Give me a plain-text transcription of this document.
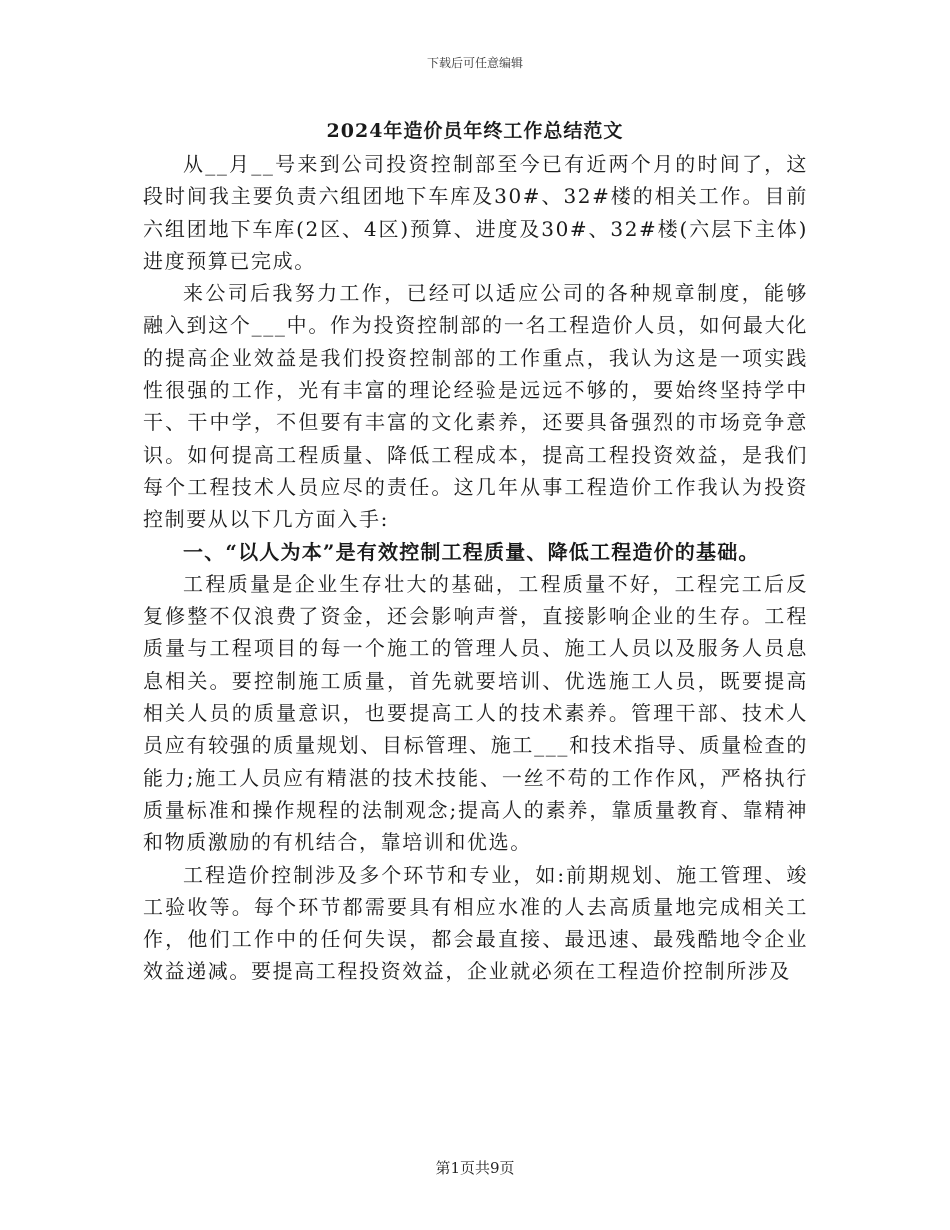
下载后可任意编辑
2024年造价员年终工作总结范文

从__月__号来到公司投资控制部至今已有近两个月的时间了，这段时间我主要负责六组团地下车库及30#、32#楼的相关工作。目前六组团地下车库(2区、4区)预算、进度及30#、32#楼(六层下主体)进度预算已完成。

来公司后我努力工作，已经可以适应公司的各种规章制度，能够融入到这个___中。作为投资控制部的一名工程造价人员，如何最大化的提高企业效益是我们投资控制部的工作重点，我认为这是一项实践性很强的工作，光有丰富的理论经验是远远不够的，要始终坚持学中干、干中学，不但要有丰富的文化素养，还要具备强烈的市场竞争意识。如何提高工程质量、降低工程成本，提高工程投资效益，是我们每个工程技术人员应尽的责任。这几年从事工程造价工作我认为投资控制要从以下几方面入手:

一、“以人为本”是有效控制工程质量、降低工程造价的基础。

工程质量是企业生存壮大的基础，工程质量不好，工程完工后反复修整不仅浪费了资金，还会影响声誉，直接影响企业的生存。工程质量与工程项目的每一个施工的管理人员、施工人员以及服务人员息息相关。要控制施工质量，首先就要培训、优选施工人员，既要提高相关人员的质量意识，也要提高工人的技术素养。管理干部、技术人员应有较强的质量规划、目标管理、施工___和技术指导、质量检查的能力;施工人员应有精湛的技术技能、一丝不苟的工作作风，严格执行质量标准和操作规程的法制观念;提高人的素养，靠质量教育、靠精神和物质激励的有机结合，靠培训和优选。

工程造价控制涉及多个环节和专业，如:前期规划、施工管理、竣工验收等。每个环节都需要具有相应水准的人去高质量地完成相关工作，他们工作中的任何失误，都会最直接、最迅速、最残酷地令企业效益递减。要提高工程投资效益，企业就必须在工程造价控制所涉及

第1页共9页
